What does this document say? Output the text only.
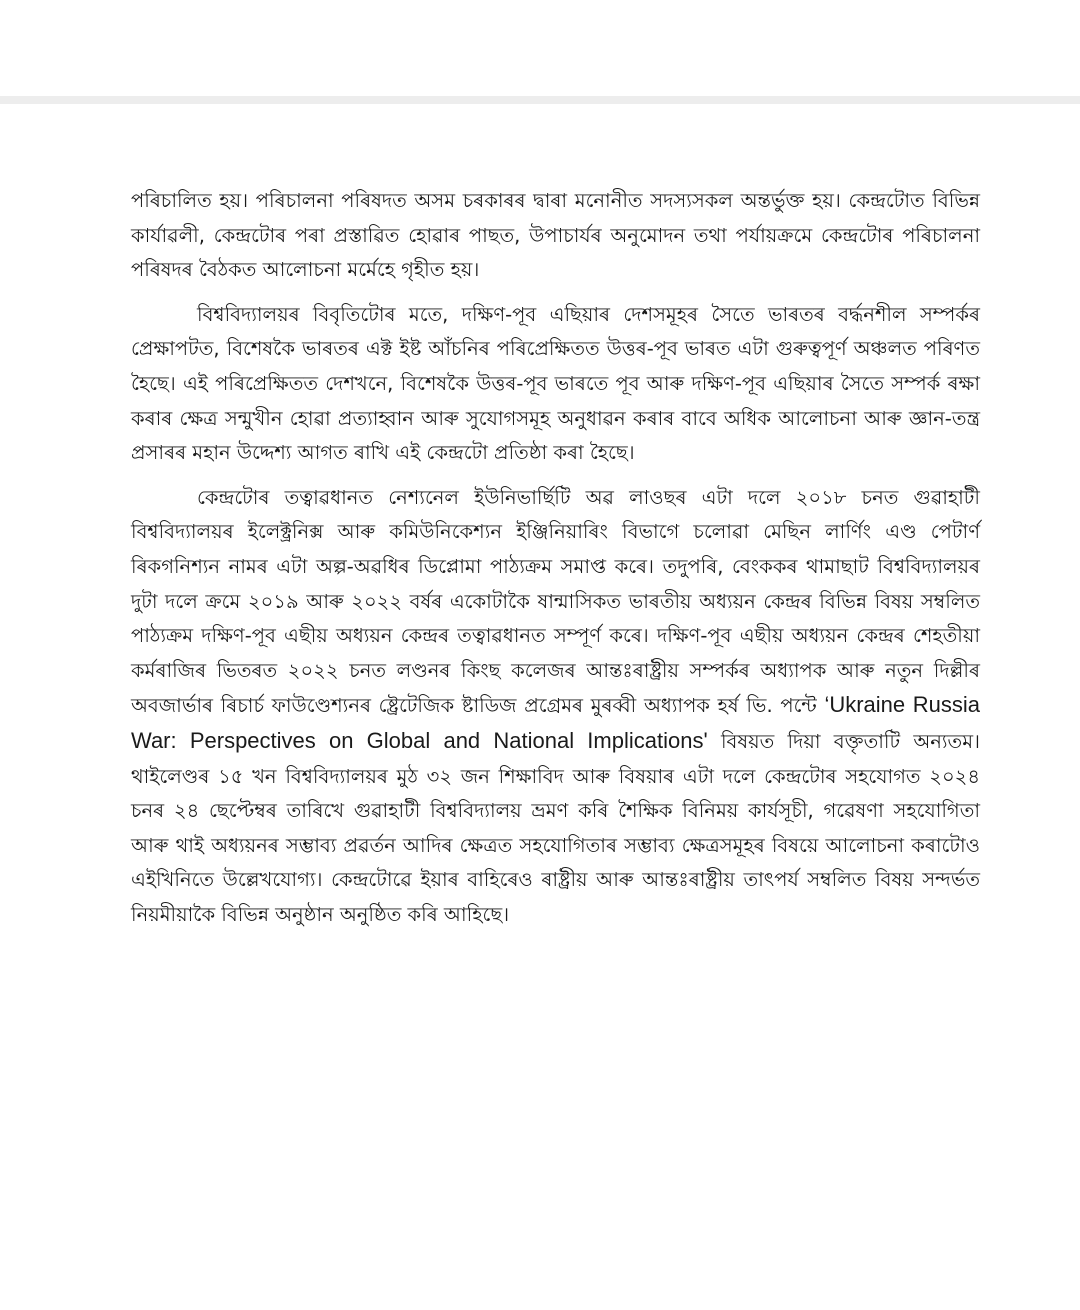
পৰিচালিত হয়। পৰিচালনা পৰিষদত অসম চৰকাৰৰ দ্বাৰা মনোনীত সদস্যসকল অন্তৰ্ভুক্ত হয়। কেন্দ্ৰটোত বিভিন্ন কাৰ্যাৱলী, কেন্দ্ৰটোৰ পৰা প্ৰস্তাৱিত হোৱাৰ পাছত, উপাচাৰ্যৰ অনুমোদন তথা পৰ্যায়ক্ৰমে কেন্দ্ৰটোৰ পৰিচালনা পৰিষদৰ বৈঠকত আলোচনা মৰ্মেহে গৃহীত হয়।

বিশ্ববিদ্যালয়ৰ বিবৃতিটোৰ মতে, দক্ষিণ-পূব এছিয়াৰ দেশসমূহৰ সৈতে ভাৰতৰ বৰ্দ্ধনশীল সম্পৰ্কৰ প্ৰেক্ষাপটত, বিশেষকৈ ভাৰতৰ এক্ট ইষ্ট আঁচনিৰ পৰিপ্ৰেক্ষিতত উত্তৰ-পূব ভাৰত এটা গুৰুত্বপূৰ্ণ অঞ্চলত পৰিণত হৈছে। এই পৰিপ্ৰেক্ষিতত দেশখনে, বিশেষকৈ উত্তৰ-পূব ভাৰতে পূব আৰু দক্ষিণ-পূব এছিয়াৰ সৈতে সম্পৰ্ক ৰক্ষা কৰাৰ ক্ষেত্ৰ সন্মুখীন হোৱা প্ৰত্যাহ্বান আৰু সুযোগসমূহ অনুধাৱন কৰাৰ বাবে অধিক আলোচনা আৰু জ্ঞান-তন্ত্ৰ প্ৰসাৰৰ মহান উদ্দেশ্য আগত ৰাখি এই কেন্দ্ৰটো প্ৰতিষ্ঠা কৰা হৈছে।

কেন্দ্ৰটোৰ তত্বাৱধানত নেশ্যনেল ইউনিভাৰ্ছিটি অৱ লাওছৰ এটা দলে ২০১৮ চনত গুৱাহাটী বিশ্ববিদ্যালয়ৰ ইলেক্ট্ৰনিক্স আৰু কমিউনিকেশ্যন ইঞ্জিনিয়াৰিং বিভাগে চলোৱা মেছিন লাৰ্ণিং এণ্ড পেটাৰ্ণ ৰিকগনিশ্যন নামৰ এটা অল্প-অৱধিৰ ডিপ্লোমা পাঠ্যক্ৰম সমাপ্ত কৰে। তদুপৰি, বেংককৰ থামাছাট বিশ্ববিদ্যালয়ৰ দুটা দলে ক্ৰমে ২০১৯ আৰু ২০২২ বৰ্ষৰ একোটাকৈ ষান্মাসিকত ভাৰতীয় অধ্যয়ন কেন্দ্ৰৰ বিভিন্ন বিষয় সম্বলিত পাঠ্যক্ৰম দক্ষিণ-পূব এছীয় অধ্যয়ন কেন্দ্ৰৰ তত্বাৱধানত সম্পূৰ্ণ কৰে। দক্ষিণ-পূব এছীয় অধ্যয়ন কেন্দ্ৰৰ শেহতীয়া কৰ্মৰাজিৰ ভিতৰত ২০২২ চনত লণ্ডনৰ কিংছ কলেজৰ আন্তঃৰাষ্ট্ৰীয় সম্পৰ্কৰ অধ্যাপক আৰু নতুন দিল্লীৰ অবজাৰ্ভাৰ ৰিচাৰ্চ ফাউণ্ডেশ্যনৰ ষ্ট্ৰেটেজিক ষ্টাডিজ প্ৰগ্ৰেমৰ মুৰব্বী অধ্যাপক হৰ্ষ ভি. পন্টে ‘Ukraine Russia War: Perspectives on Global and National Implications' বিষয়ত দিয়া বক্তৃতাটি অন্যতম। থাইলেণ্ডৰ ১৫ খন বিশ্ববিদ্যালয়ৰ মুঠ ৩২ জন শিক্ষাবিদ আৰু বিষয়াৰ এটা দলে কেন্দ্ৰটোৰ সহযোগত ২০২৪ চনৰ ২৪ ছেপ্টেম্বৰ তাৰিখে গুৱাহাটী বিশ্ববিদ্যালয় ভ্ৰমণ কৰি শৈক্ষিক বিনিময় কাৰ্যসূচী, গৱেষণা সহযোগিতা আৰু থাই অধ্যয়নৰ সম্ভাব্য প্ৰৱৰ্তন আদিৰ ক্ষেত্ৰত সহযোগিতাৰ সম্ভাব্য ক্ষেত্ৰসমূহৰ বিষয়ে আলোচনা কৰাটোও এইখিনিতে উল্লেখযোগ্য। কেন্দ্ৰটোৱে ইয়াৰ বাহিৰেও ৰাষ্ট্ৰীয় আৰু আন্তঃৰাষ্ট্ৰীয় তাৎপৰ্য সম্বলিত বিষয় সন্দৰ্ভত নিয়মীয়াকৈ বিভিন্ন অনুষ্ঠান অনুষ্ঠিত কৰি আহিছে।
